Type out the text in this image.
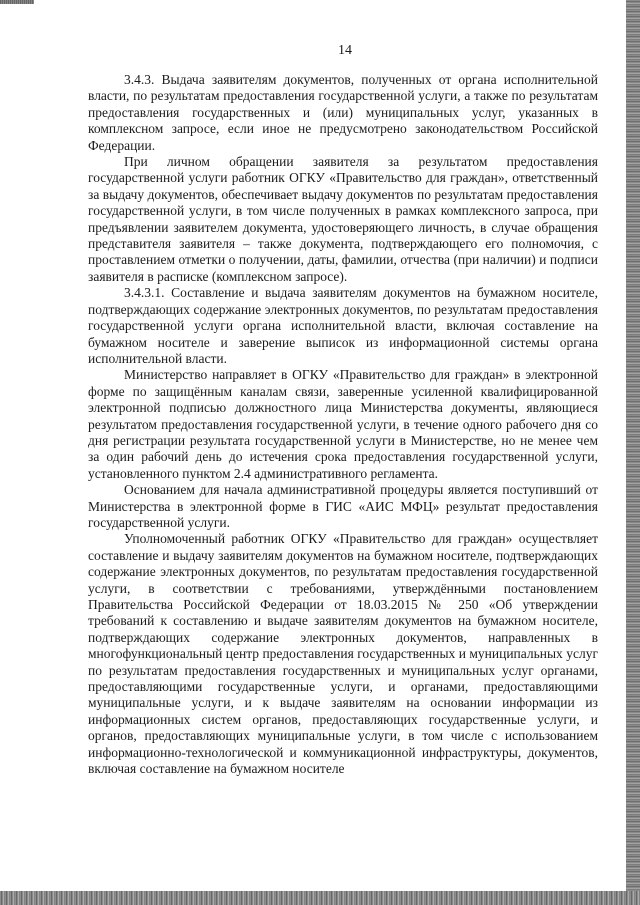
14

3.4.3. Выдача заявителям документов, полученных от органа исполнительной власти, по результатам предоставления государственной услуги, а также по результатам предоставления государственных и (или) муниципальных услуг, указанных в комплексном запросе, если иное не предусмотрено законодательством Российской Федерации.

При личном обращении заявителя за результатом предоставления государственной услуги работник ОГКУ «Правительство для граждан», ответственный за выдачу документов, обеспечивает выдачу документов по результатам предоставления государственной услуги, в том числе полученных в рамках комплексного запроса, при предъявлении заявителем документа, удостоверяющего личность, в случае обращения представителя заявителя – также документа, подтверждающего его полномочия, с проставлением отметки о получении, даты, фамилии, отчества (при наличии) и подписи заявителя в расписке (комплексном запросе).

3.4.3.1. Составление и выдача заявителям документов на бумажном носителе, подтверждающих содержание электронных документов, по результатам предоставления государственной услуги органа исполнительной власти, включая составление на бумажном носителе и заверение выписок из информационной системы органа исполнительной власти.

Министерство направляет в ОГКУ «Правительство для граждан» в электронной форме по защищённым каналам связи, заверенные усиленной квалифицированной электронной подписью должностного лица Министерства документы, являющиеся результатом предоставления государственной услуги, в течение одного рабочего дня со дня регистрации результата государственной услуги в Министерстве, но не менее чем за один рабочий день до истечения срока предоставления государственной услуги, установленного пунктом 2.4 административного регламента.

Основанием для начала административной процедуры является поступивший от Министерства в электронной форме в ГИС «АИС МФЦ» результат предоставления государственной услуги.

Уполномоченный работник ОГКУ «Правительство для граждан» осуществляет составление и выдачу заявителям документов на бумажном носителе, подтверждающих содержание электронных документов, по результатам предоставления государственной услуги, в соответствии с требованиями, утверждёнными постановлением Правительства Российской Федерации от 18.03.2015 № 250 «Об утверждении требований к составлению и выдаче заявителям документов на бумажном носителе, подтверждающих содержание электронных документов, направленных в многофункциональный центр предоставления государственных и муниципальных услуг по результатам предоставления государственных и муниципальных услуг органами, предоставляющими государственные услуги, и органами, предоставляющими муниципальные услуги, и к выдаче заявителям на основании информации из информационных систем органов, предоставляющих государственные услуги, и органов, предоставляющих муниципальные услуги, в том числе с использованием информационно-технологической и коммуникационной инфраструктуры, документов, включая составление на бумажном носителе
